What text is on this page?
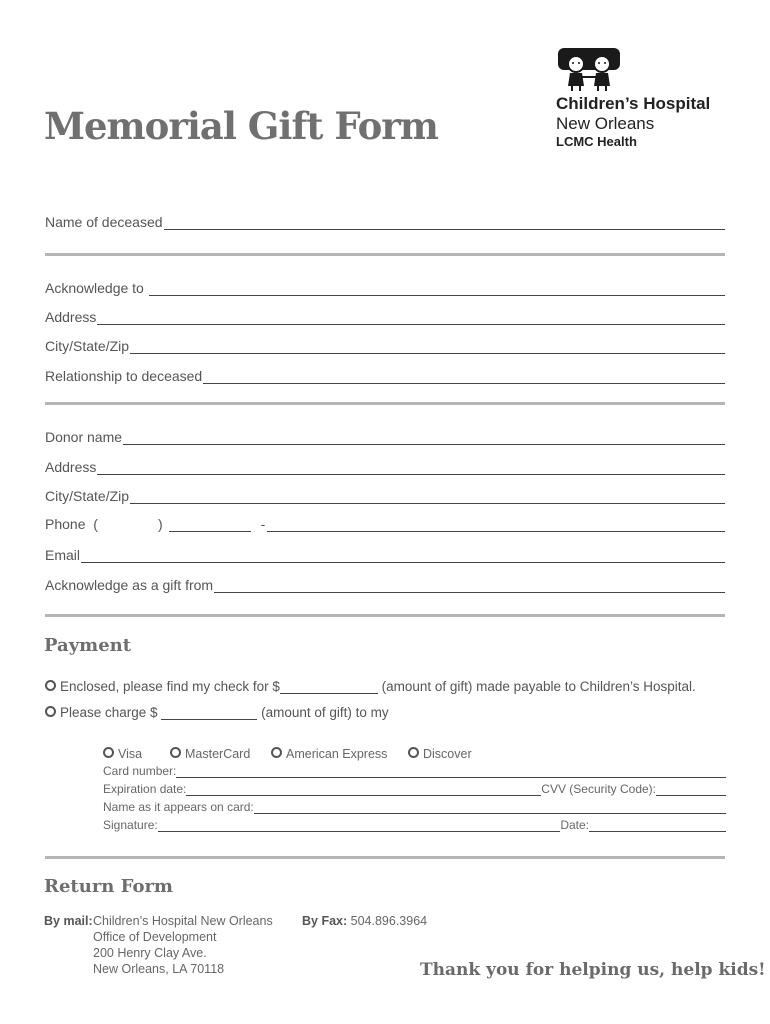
Memorial Gift Form
Children’s Hospital
New Orleans
LCMC Health
Name of deceased
Acknowledge to
Address
City/State/Zip
Relationship to deceased
Donor name
Address
City/State/Zip
Phone  (	)	-
Email
Acknowledge as a gift from
Payment
Enclosed, please find my check for $	(amount of gift) made payable to Children’s Hospital.
Please charge $	(amount of gift) to my
Visa	MasterCard	American Express	Discover
Card number:
Expiration date:	CVV (Security Code):
Name as it appears on card:
Signature:	Date:
Return Form
By mail: Children’s Hospital New Orleans
Office of Development
200 Henry Clay Ave.
New Orleans, LA 70118
By Fax: 504.896.3964
Thank you for helping us, help kids!
